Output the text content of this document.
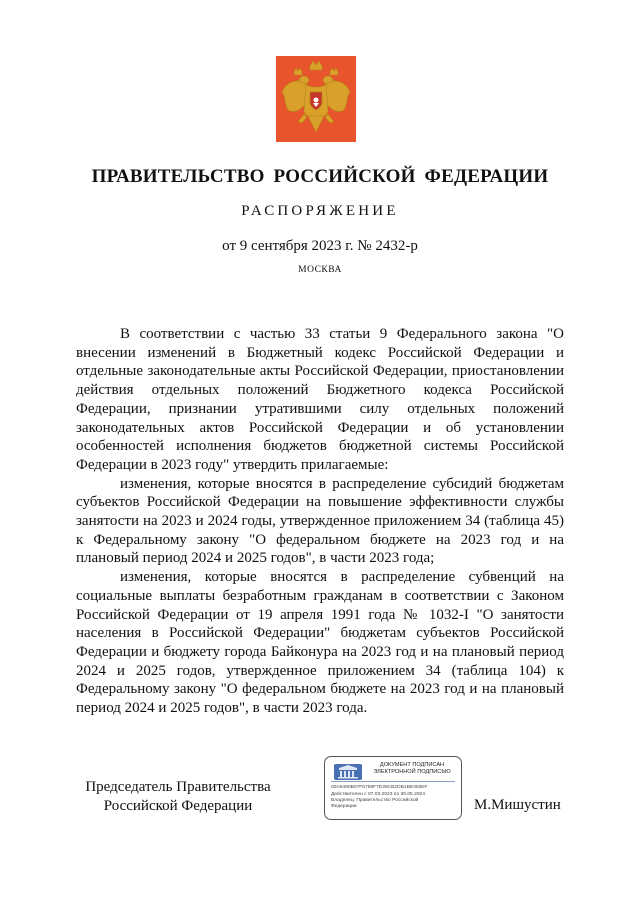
ПРАВИТЕЛЬСТВО РОССИЙСКОЙ ФЕДЕРАЦИИ
РАСПОРЯЖЕНИЕ
от 9 сентября 2023 г. № 2432-р
МОСКВА

В соответствии с частью 33 статьи 9 Федерального закона "О внесении изменений в Бюджетный кодекс Российской Федерации и отдельные законодательные акты Российской Федерации, приостановлении действия отдельных положений Бюджетного кодекса Российской Федерации, признании утратившими силу отдельных положений законодательных актов Российской Федерации и об установлении особенностей исполнения бюджетов бюджетной системы Российской Федерации в 2023 году" утвердить прилагаемые:

изменения, которые вносятся в распределение субсидий бюджетам субъектов Российской Федерации на повышение эффективности службы занятости на 2023 и 2024 годы, утвержденное приложением 34 (таблица 45) к Федеральному закону "О федеральном бюджете на 2023 год и на плановый период 2024 и 2025 годов", в части 2023 года;

изменения, которые вносятся в распределение субвенций на социальные выплаты безработным гражданам в соответствии с Законом Российской Федерации от 19 апреля 1991 года № 1032-I "О занятости населения в Российской Федерации" бюджетам субъектов Российской Федерации и бюджету города Байконура на 2023 год и на плановый период 2024 и 2025 годов, утвержденное приложением 34 (таблица 104) к Федеральному закону "О федеральном бюджете на 2023 год и на плановый период 2024 и 2025 годов", в части 2023 года.

Председатель Правительства
Российской Федерации
ДОКУМЕНТ ПОДПИСАН
ЭЛЕКТРОННОЙ ПОДПИСЬЮ
00A5490B07F6759F7E39CB2DB1BE303EF
Действителен с 07.03.2023 по 30.05.2024
Владелец: Правительство Российской
Федерации	М.Мишустин
